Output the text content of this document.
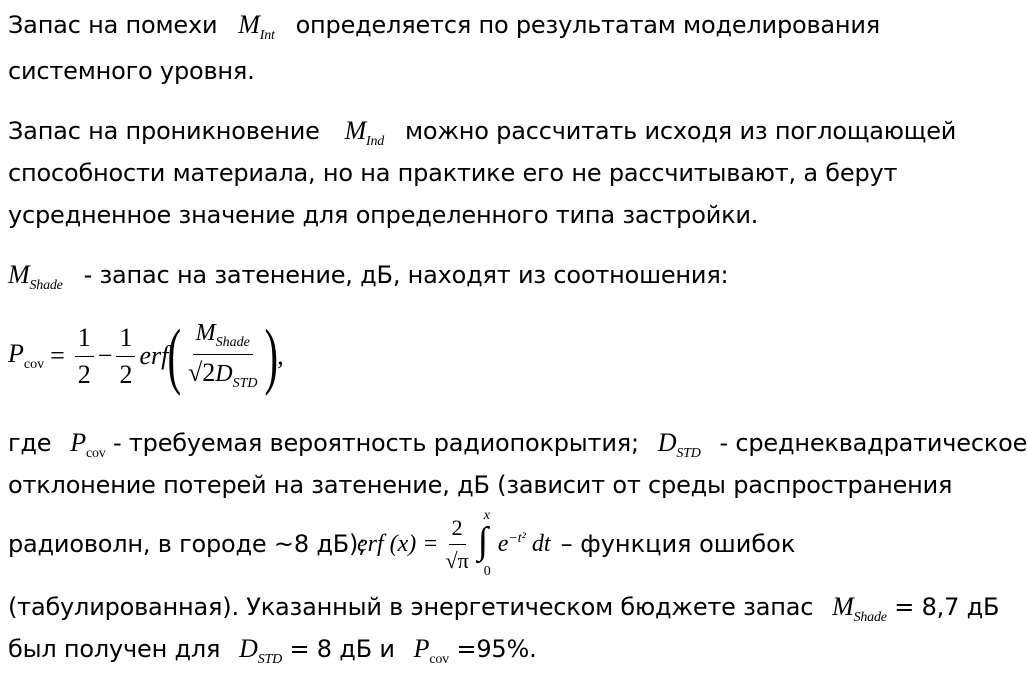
Запас на помехи $M_{Int}$ определяется по результатам моделирования
системного уровня.
Запас на проникновение $M_{Ind}$ можно рассчитать исходя из поглощающей
способности материала, но на практике его не рассчитывают, а берут
усредненное значение для определенного типа застройки.
$M_{Shade}$ - запас на затенение, дБ, находят из соотношения:
$P_{cov} = \frac{1}{2} - \frac{1}{2}$ erf ( $\frac{M_{Shade}}{√2D_{STD}}$ ) ,
где $P_{cov}$ - требуемая вероятность радиопокрытия; $D_{STD}$ - среднеквадратическое
отклонение потерей на затенение, дБ (зависит от среды распространения
радиоволн, в городе ~8 дБ);
erf $(x) = \frac{2}{√\pi}$ ∫
x
0
$e^{-t^2}$ dt – функция ошибок
(табулированная). Указанный в энергетическом бюджете запас $M_{Shade} = 8,7$ дБ
был получен для $D_{STD} = 8$ дБ и $P_{cov} =95\%$.
